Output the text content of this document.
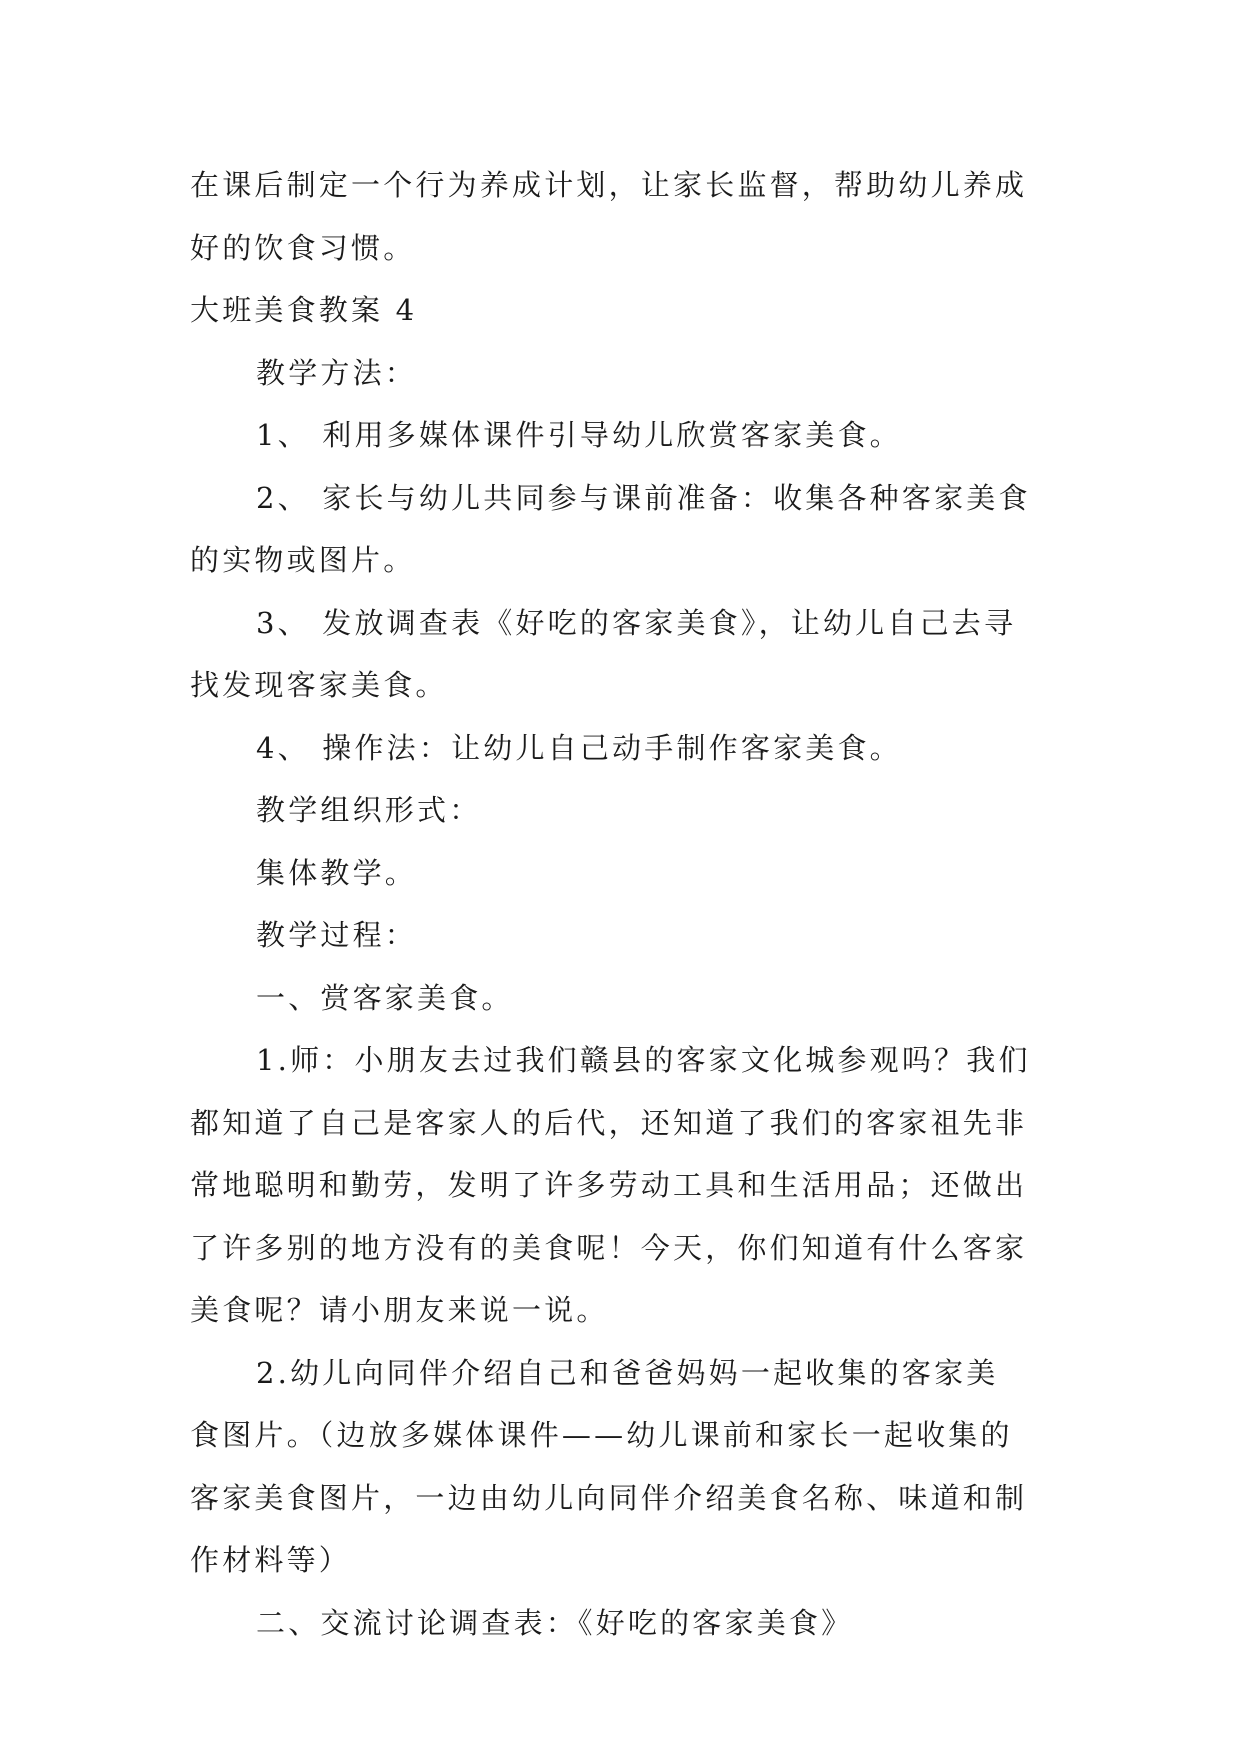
在课后制定一个行为养成计划，让家长监督，帮助幼儿养成
好的饮食习惯。
大班美食教案 4
教学方法：
1、 利用多媒体课件引导幼儿欣赏客家美食。
2、 家长与幼儿共同参与课前准备：收集各种客家美食
的实物或图片。
3、 发放调查表《好吃的客家美食》，让幼儿自己去寻
找发现客家美食。
4、 操作法：让幼儿自己动手制作客家美食。
教学组织形式：
集体教学。
教学过程：
一、赏客家美食。
1.师：小朋友去过我们赣县的客家文化城参观吗？我们
都知道了自己是客家人的后代，还知道了我们的客家祖先非
常地聪明和勤劳，发明了许多劳动工具和生活用品；还做出
了许多别的地方没有的美食呢！今天，你们知道有什么客家
美食呢？请小朋友来说一说。
2.幼儿向同伴介绍自己和爸爸妈妈一起收集的客家美
食图片。（边放多媒体课件——幼儿课前和家长一起收集的
客家美食图片，一边由幼儿向同伴介绍美食名称、味道和制
作材料等）
二、交流讨论调查表：《好吃的客家美食》
